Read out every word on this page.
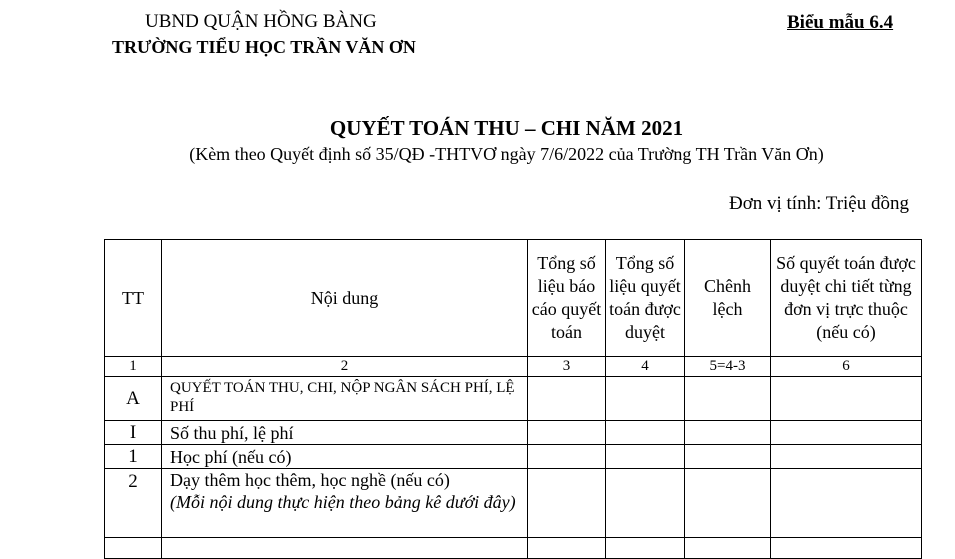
UBND QUẬN HỒNG BÀNG
TRƯỜNG TIỂU HỌC TRẦN VĂN ƠN
Biểu mẫu 6.4
QUYẾT TOÁN THU – CHI NĂM 2021
(Kèm theo Quyết định số 35/QĐ -THTVƠ ngày 7/6/2022 của Trường TH Trần Văn Ơn)
Đơn vị tính: Triệu đồng
TT	Nội dung	Tổng số liệu báo cáo quyết toán	Tổng số liệu quyết toán được duyệt	Chênh lệch	Số quyết toán được duyệt chi tiết từng đơn vị trực thuộc (nếu có)
1	2	3	4	5=4-3	6
A	QUYẾT TOÁN THU, CHI, NỘP NGÂN SÁCH PHÍ, LỆ PHÍ				
I	Số thu phí, lệ phí				
1	Học phí (nếu có)				
2	Dạy thêm học thêm, học nghề (nếu có)
(Mỗi nội dung thực hiện theo bảng kê dưới đây)				
